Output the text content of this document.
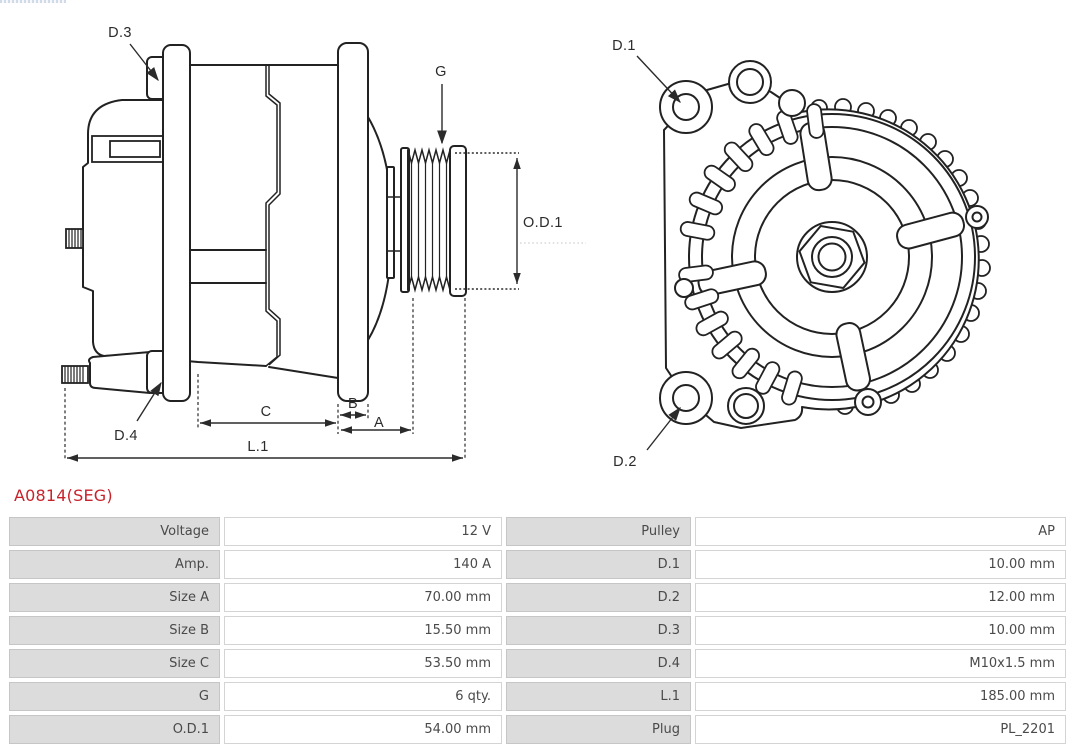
D.3
G
D.4
O.D.1
C	B
A
L.1
D.1
D.2
A0814(SEG)
Voltage	12 V	Pulley	AP
Amp.	140 A	D.1	10.00 mm
Size A	70.00 mm	D.2	12.00 mm
Size B	15.50 mm	D.3	10.00 mm
Size C	53.50 mm	D.4	M10x1.5 mm
G	6 qty.	L.1	185.00 mm
O.D.1	54.00 mm	Plug	PL_2201
